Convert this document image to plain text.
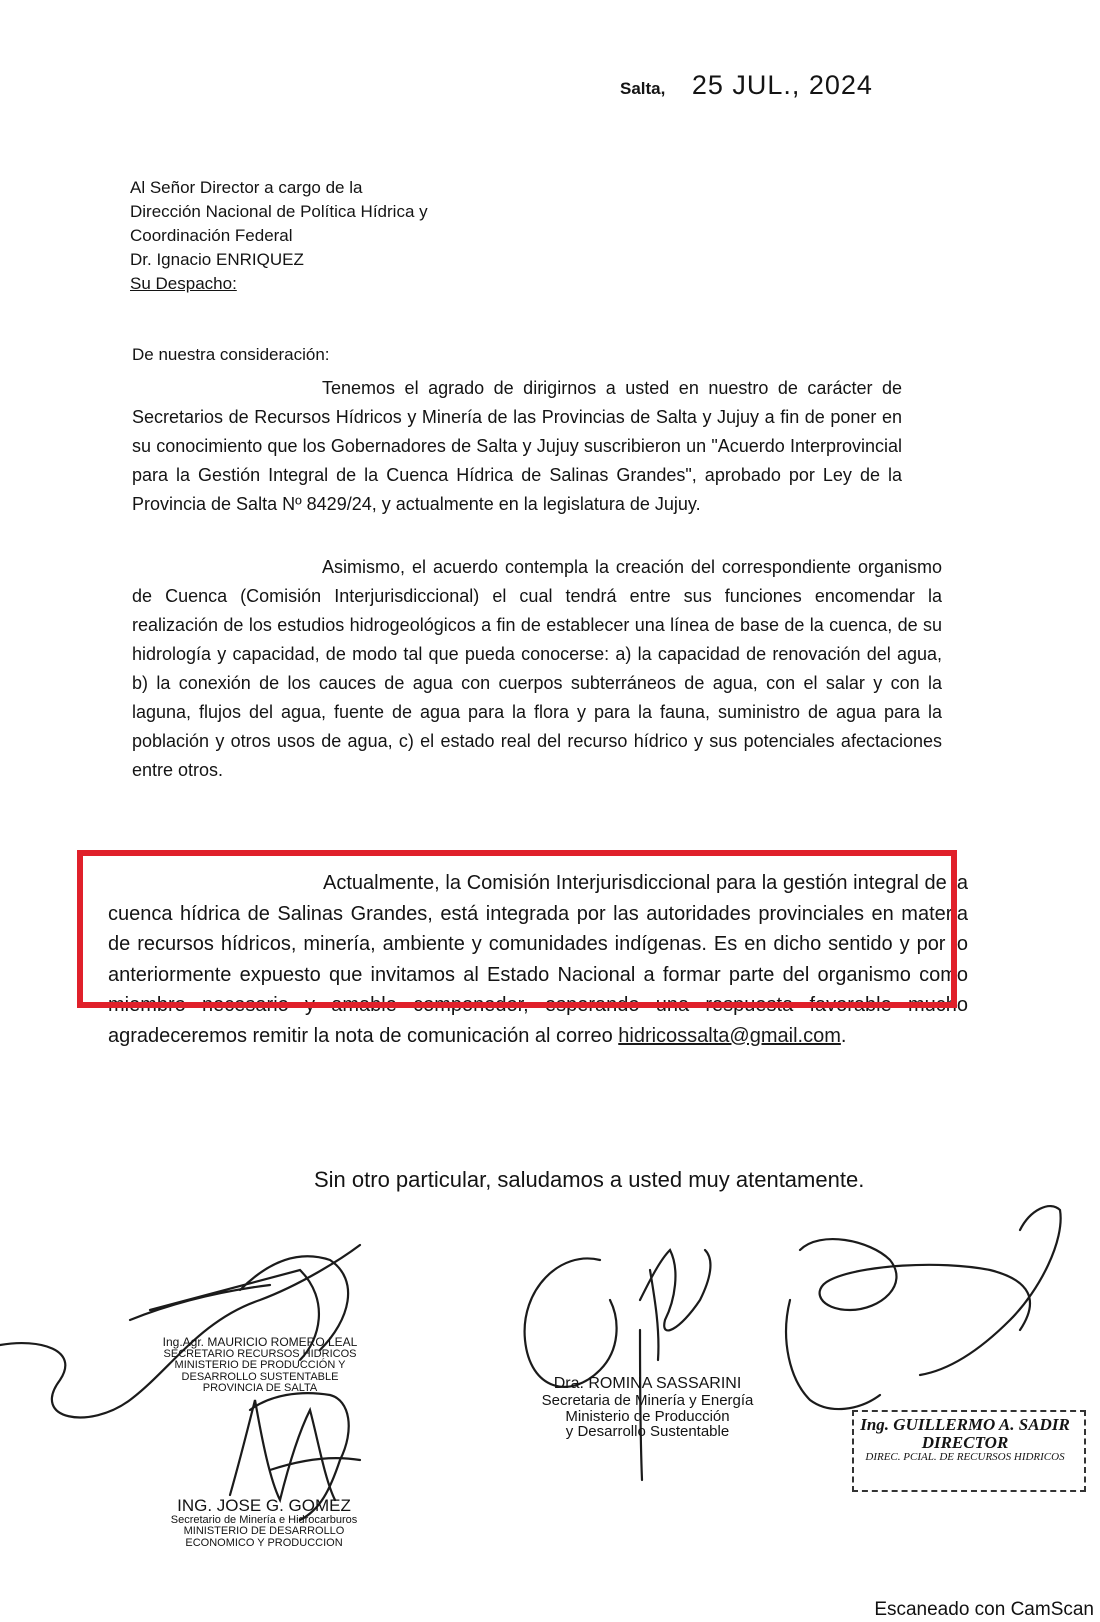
Salta, 25 JUL., 2024
Al Señor Director a cargo de la
Dirección Nacional de Política Hídrica y
Coordinación Federal
Dr. Ignacio ENRIQUEZ
Su Despacho:
De nuestra consideración:

Tenemos el agrado de dirigirnos a usted en nuestro de carácter de Secretarios de Recursos Hídricos y Minería de las Provincias de Salta y Jujuy a fin de poner en su conocimiento que los Gobernadores de Salta y Jujuy suscribieron un "Acuerdo Interprovincial para la Gestión Integral de la Cuenca Hídrica de Salinas Grandes", aprobado por Ley de la Provincia de Salta Nº 8429/24, y actualmente en la legislatura de Jujuy.

Asimismo, el acuerdo contempla la creación del correspondiente organismo de Cuenca (Comisión Interjurisdiccional) el cual tendrá entre sus funciones encomendar la realización de los estudios hidrogeológicos a fin de establecer una línea de base de la cuenca, de su hidrología y capacidad, de modo tal que pueda conocerse: a) la capacidad de renovación del agua, b) la conexión de los cauces de agua con cuerpos subterráneos de agua, con el salar y con la laguna, flujos del agua, fuente de agua para la flora y para la fauna, suministro de agua para la población y otros usos de agua, c) el estado real del recurso hídrico y sus potenciales afectaciones entre otros.

Actualmente, la Comisión Interjurisdiccional para la gestión integral de la cuenca hídrica de Salinas Grandes, está integrada por las autoridades provinciales en materia de recursos hídricos, minería, ambiente y comunidades indígenas. Es en dicho sentido y por lo anteriormente expuesto que invitamos al Estado Nacional a formar parte del organismo como miembro necesario y amable componedor, esperando una respuesta favorable mucho agradeceremos remitir la nota de comunicación al correo hidricossalta@gmail.com.

Sin otro particular, saludamos a usted muy atentamente.
Ing.Agr. MAURICIO ROMERO LEAL
SECRETARIO RECURSOS HIDRICOS
MINISTERIO DE PRODUCCIÓN Y DESARROLLO SUSTENTABLE
PROVINCIA DE SALTA
ING. JOSE G. GOMEZ
Secretario de Minería e Hidrocarburos
MINISTERIO DE DESARROLLO
ECONOMICO Y PRODUCCION
Dra. ROMINA SASSARINI
Secretaria de Minería y Energía
Ministerio de Producción
y Desarrollo Sustentable	Ing. GUILLERMO A. SADIR
DIRECTOR
DIREC. PCIAL. DE RECURSOS HIDRICOS
Escaneado con CamScan
